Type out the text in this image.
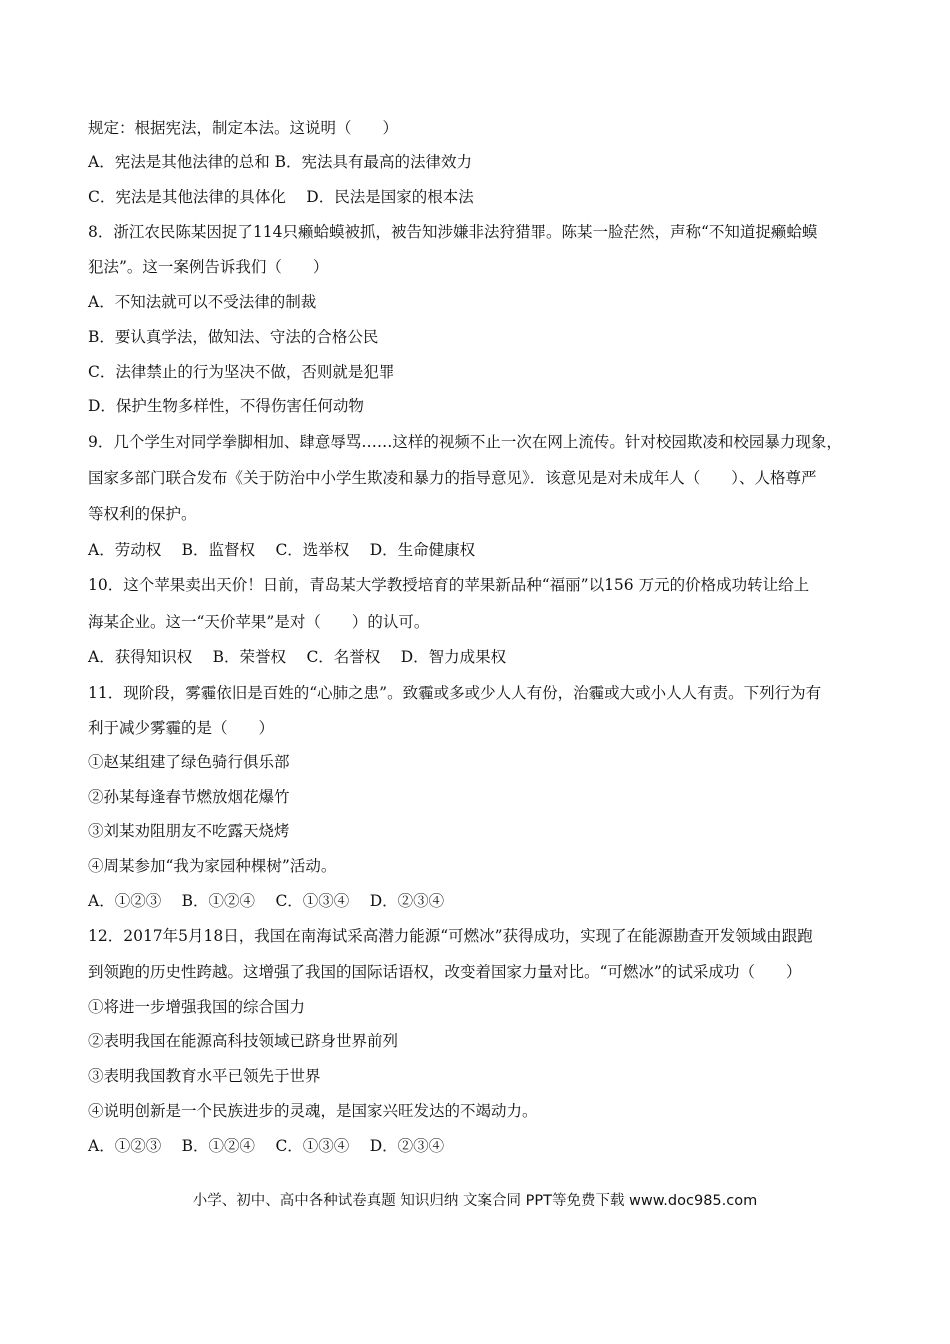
规定：根据宪法，制定本法。这说明（　　）
A．宪法是其他法律的总和 B．宪法具有最高的法律效力
C．宪法是其他法律的具体化　 D．民法是国家的根本法
8．浙江农民陈某因捉了114只癞蛤蟆被抓，被告知涉嫌非法狩猎罪。陈某一脸茫然，声称“不知道捉癞蛤蟆
犯法”。这一案例告诉我们（　　）
A．不知法就可以不受法律的制裁
B．要认真学法，做知法、守法的合格公民
C．法律禁止的行为坚决不做，否则就是犯罪
D．保护生物多样性，不得伤害任何动物
9．几个学生对同学拳脚相加、肆意辱骂……这样的视频不止一次在网上流传。针对校园欺凌和校园暴力现象，
国家多部门联合发布《关于防治中小学生欺凌和暴力的指导意见》．该意见是对未成年人（　　）、人格尊严
等权利的保护。
A．劳动权　 B．监督权　 C．选举权　 D．生命健康权
10．这个苹果卖出天价！日前，青岛某大学教授培育的苹果新品种“福丽”以156 万元的价格成功转让给上
海某企业。这一“天价苹果”是对（　　）的认可。
A．获得知识权　 B．荣誉权　 C．名誉权　 D．智力成果权
11．现阶段，雾霾依旧是百姓的“心肺之患”。致霾或多或少人人有份，治霾或大或小人人有责。下列行为有
利于减少雾霾的是（　　）
①赵某组建了绿色骑行俱乐部
②孙某每逢春节燃放烟花爆竹
③刘某劝阻朋友不吃露天烧烤
④周某参加“我为家园种棵树”活动。
A．①②③　 B．①②④　 C．①③④　 D．②③④
12．2017年5月18日，我国在南海试采高潜力能源“可燃冰”获得成功，实现了在能源勘查开发领域由跟跑
到领跑的历史性跨越。这增强了我国的国际话语权，改变着国家力量对比。“可燃冰”的试采成功（　　）
①将进一步增强我国的综合国力
②表明我国在能源高科技领域已跻身世界前列
③表明我国教育水平已领先于世界
④说明创新是一个民族进步的灵魂，是国家兴旺发达的不竭动力。
A．①②③　 B．①②④　 C．①③④　 D．②③④
小学、初中、高中各种试卷真题 知识归纳 文案合同 PPT等免费下载 www.doc985.com
